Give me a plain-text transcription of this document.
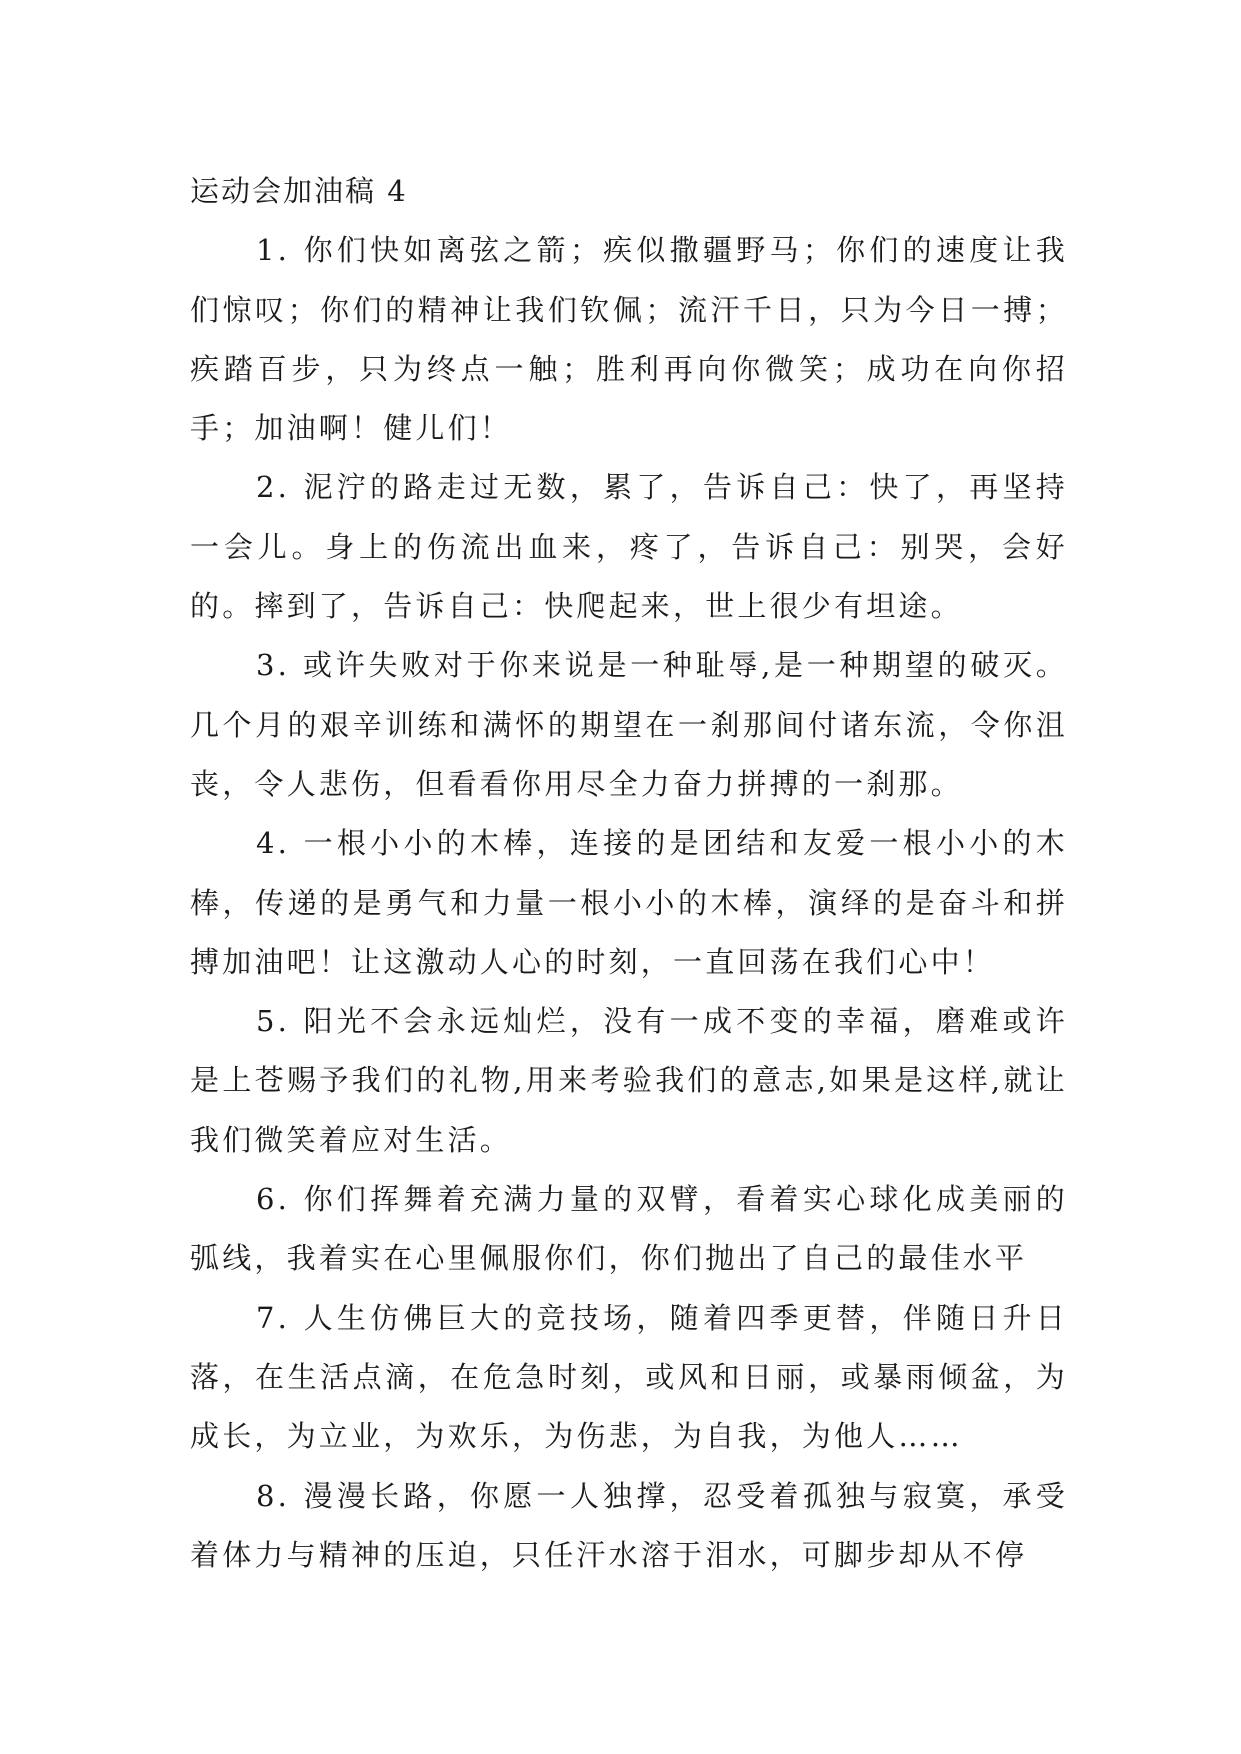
运动会加油稿 4

1. 你们快如离弦之箭；疾似撒疆野马；你们的速度让我们惊叹；你们的精神让我们钦佩；流汗千日，只为今日一搏；疾踏百步，只为终点一触；胜利再向你微笑；成功在向你招手；加油啊！健儿们！

2. 泥泞的路走过无数，累了，告诉自己：快了，再坚持一会儿。身上的伤流出血来，疼了，告诉自己：别哭，会好的。摔到了，告诉自己：快爬起来，世上很少有坦途。

3. 或许失败对于你来说是一种耻辱,是一种期望的破灭。几个月的艰辛训练和满怀的期望在一刹那间付诸东流，令你沮丧，令人悲伤，但看看你用尽全力奋力拼搏的一刹那。

4. 一根小小的木棒，连接的是团结和友爱一根小小的木棒，传递的是勇气和力量一根小小的木棒，演绎的是奋斗和拼搏加油吧！让这激动人心的时刻，一直回荡在我们心中！

5. 阳光不会永远灿烂，没有一成不变的幸福，磨难或许是上苍赐予我们的礼物,用来考验我们的意志,如果是这样,就让我们微笑着应对生活。

6. 你们挥舞着充满力量的双臂，看着实心球化成美丽的弧线，我着实在心里佩服你们，你们抛出了自己的最佳水平

7. 人生仿佛巨大的竞技场，随着四季更替，伴随日升日落，在生活点滴，在危急时刻，或风和日丽，或暴雨倾盆，为成长，为立业，为欢乐，为伤悲，为自我，为他人……

8. 漫漫长路，你愿一人独撑，忍受着孤独与寂寞，承受着体力与精神的压迫，只任汗水溶于泪水，可脚步却从不停
